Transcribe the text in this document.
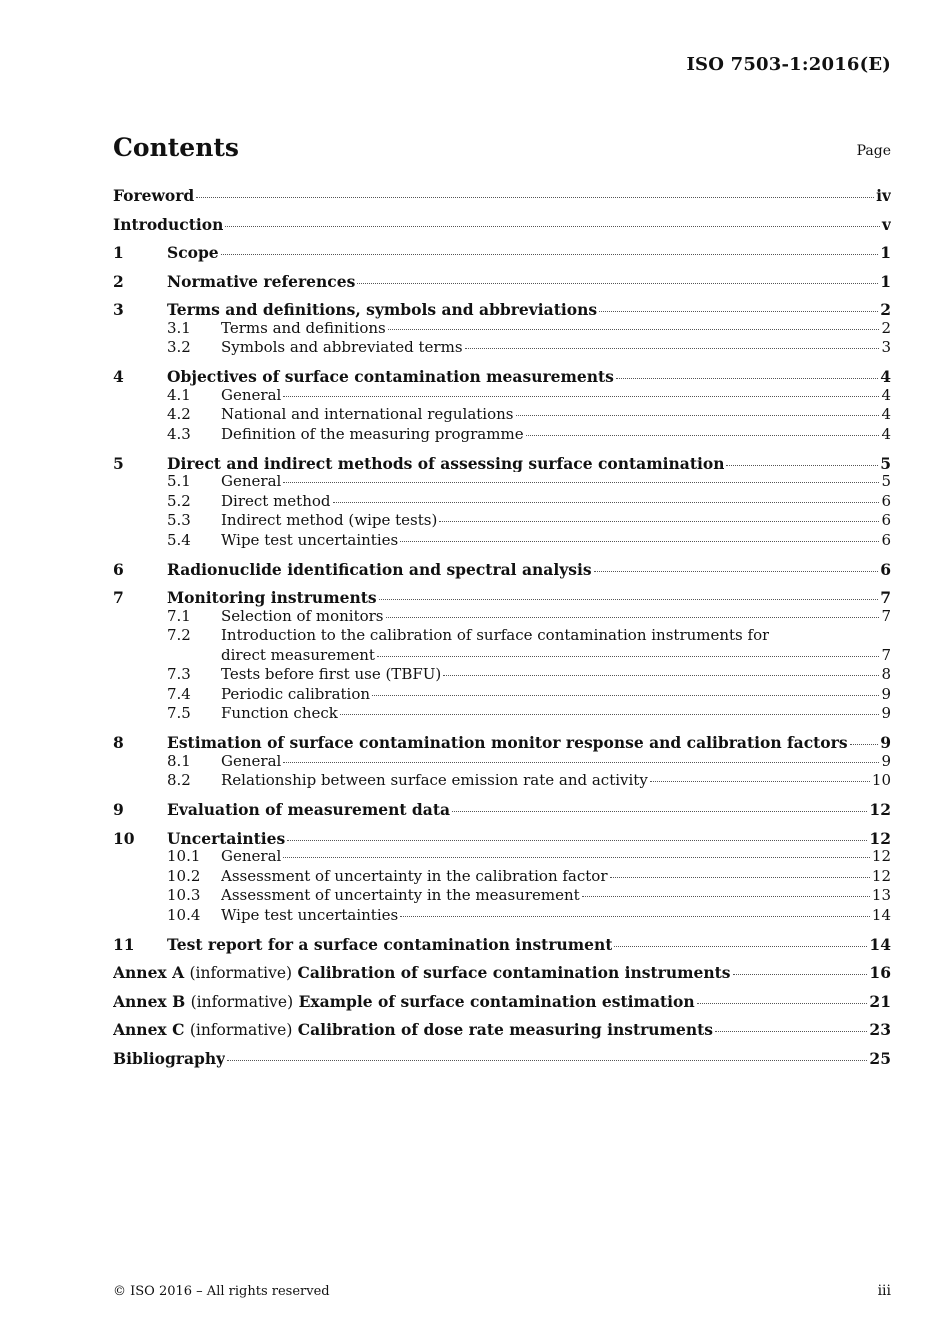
ISO 7503-1:2016(E)
Contents	Page
Foreword	iv
Introduction	v
1	Scope	1
2	Normative references	1
3	Terms and definitions, symbols and abbreviations	2
3.1	Terms and definitions	2
3.2	Symbols and abbreviated terms	3
4	Objectives of surface contamination measurements	4
4.1	General	4
4.2	National and international regulations	4
4.3	Definition of the measuring programme	4
5	Direct and indirect methods of assessing surface contamination	5
5.1	General	5
5.2	Direct method	6
5.3	Indirect method (wipe tests)	6
5.4	Wipe test uncertainties	6
6	Radionuclide identification and spectral analysis	6
7	Monitoring instruments	7
7.1	Selection of monitors	7
7.2	Introduction to the calibration of surface contamination instruments for
direct measurement	7
7.3	Tests before first use (TBFU)	8
7.4	Periodic calibration	9
7.5	Function check	9
8	Estimation of surface contamination monitor response and calibration factors 9
8.1	General	9
8.2	Relationship between surface emission rate and activity	10
9	Evaluation of measurement data	12
10	Uncertainties	12
10.1	General	12
10.2	Assessment of uncertainty in the calibration factor	12
10.3	Assessment of uncertainty in the measurement	13
10.4	Wipe test uncertainties	14
11	Test report for a surface contamination instrument	14
Annex A (informative) Calibration of surface contamination instruments	16
Annex B (informative) Example of surface contamination estimation	21
Annex C (informative) Calibration of dose rate measuring instruments	23
Bibliography	25
© ISO 2016 – All rights reserved	iii
